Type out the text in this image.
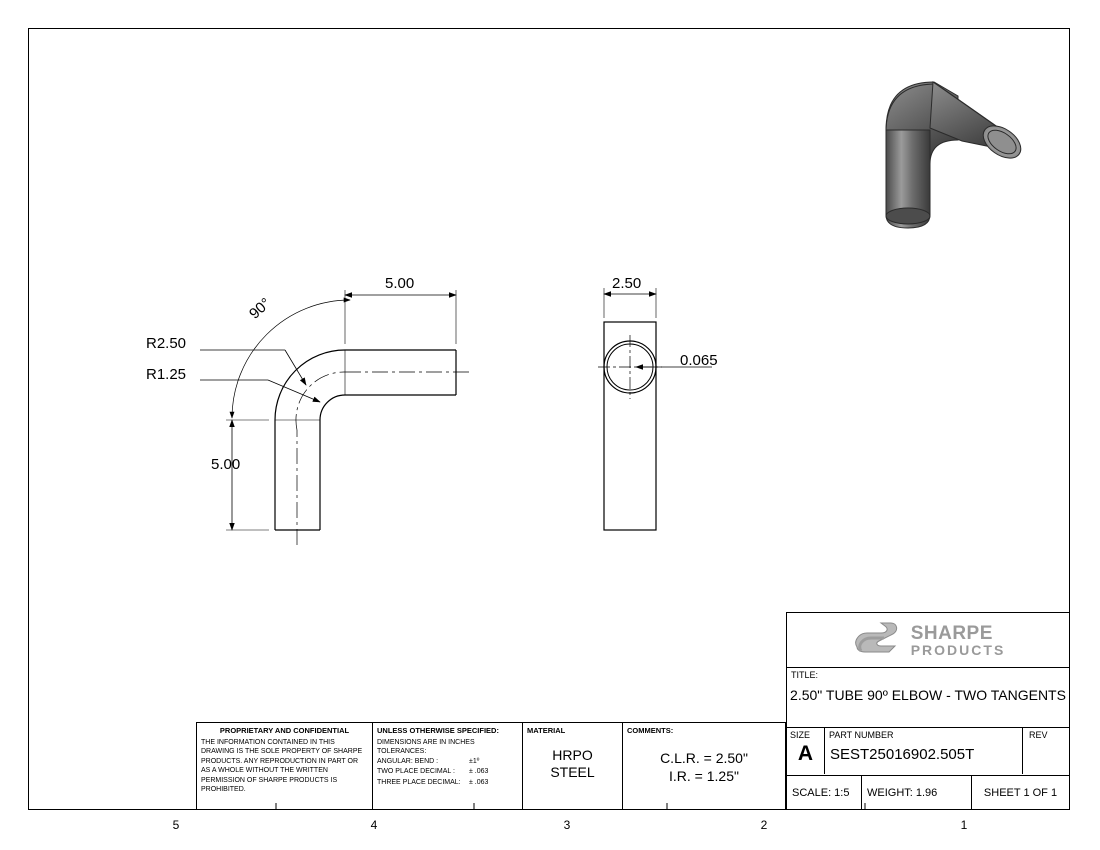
5.00
5.00
90°
R2.50
R1.25
2.50
0.065
5	4	3	2	1
PROPRIETARY AND CONFIDENTIAL
THE INFORMATION CONTAINED IN THIS DRAWING IS THE SOLE PROPERTY OF SHARPE PRODUCTS. ANY REPRODUCTION IN PART OR AS A WHOLE WITHOUT THE WRITTEN PERMISSION OF SHARPE PRODUCTS IS PROHIBITED.
UNLESS OTHERWISE SPECIFIED:
DIMENSIONS ARE IN INCHES
TOLERANCES:
ANGULAR: BEND :	±1º
TWO PLACE DECIMAL :	± .063
THREE PLACE DECIMAL:	± .063
MATERIAL
HRPO
STEEL
COMMENTS:
C.L.R. = 2.50"
I.R. = 1.25"
SHARPE
PRODUCTS
TITLE:
2.50" TUBE 90º ELBOW - TWO TANGENTS
SIZE
A
PART NUMBER
SEST25016902.505T
REV
SCALE: 1:5	WEIGHT: 1.96	SHEET 1 OF 1
